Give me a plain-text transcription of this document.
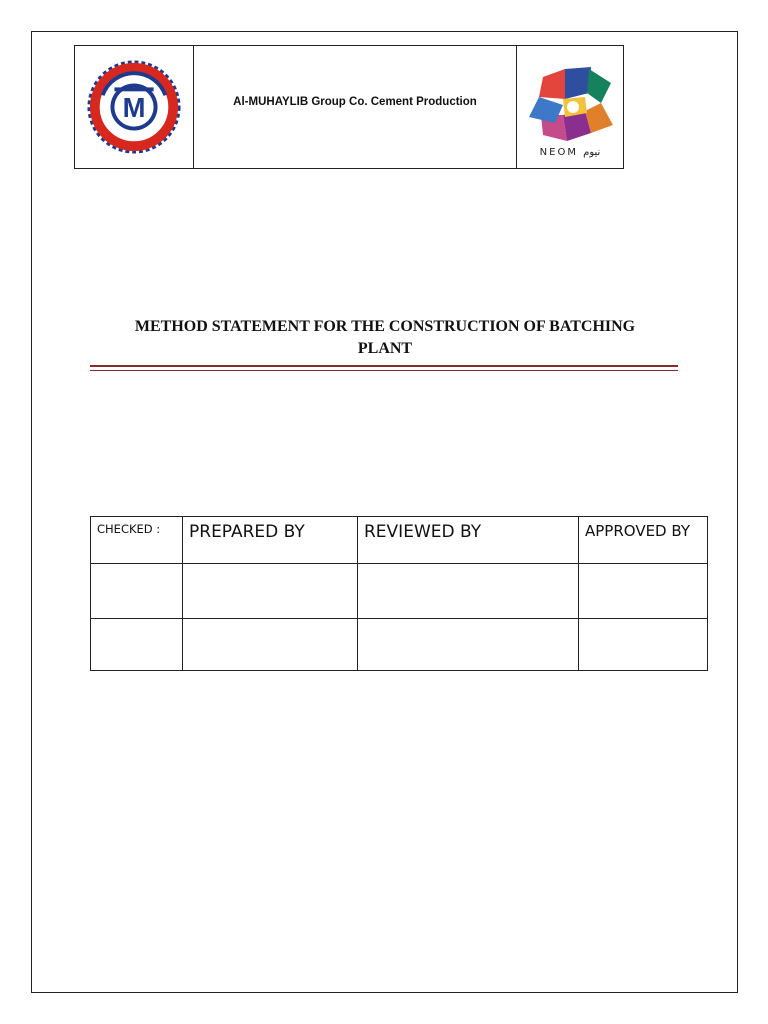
M	Al-MUHAYLIB Group Co. Cement Production
NEOM نيوم
METHOD STATEMENT FOR THE CONSTRUCTION OF BATCHING
PLANT
CHECKED :	PREPARED BY	REVIEWED BY	APPROVED BY
